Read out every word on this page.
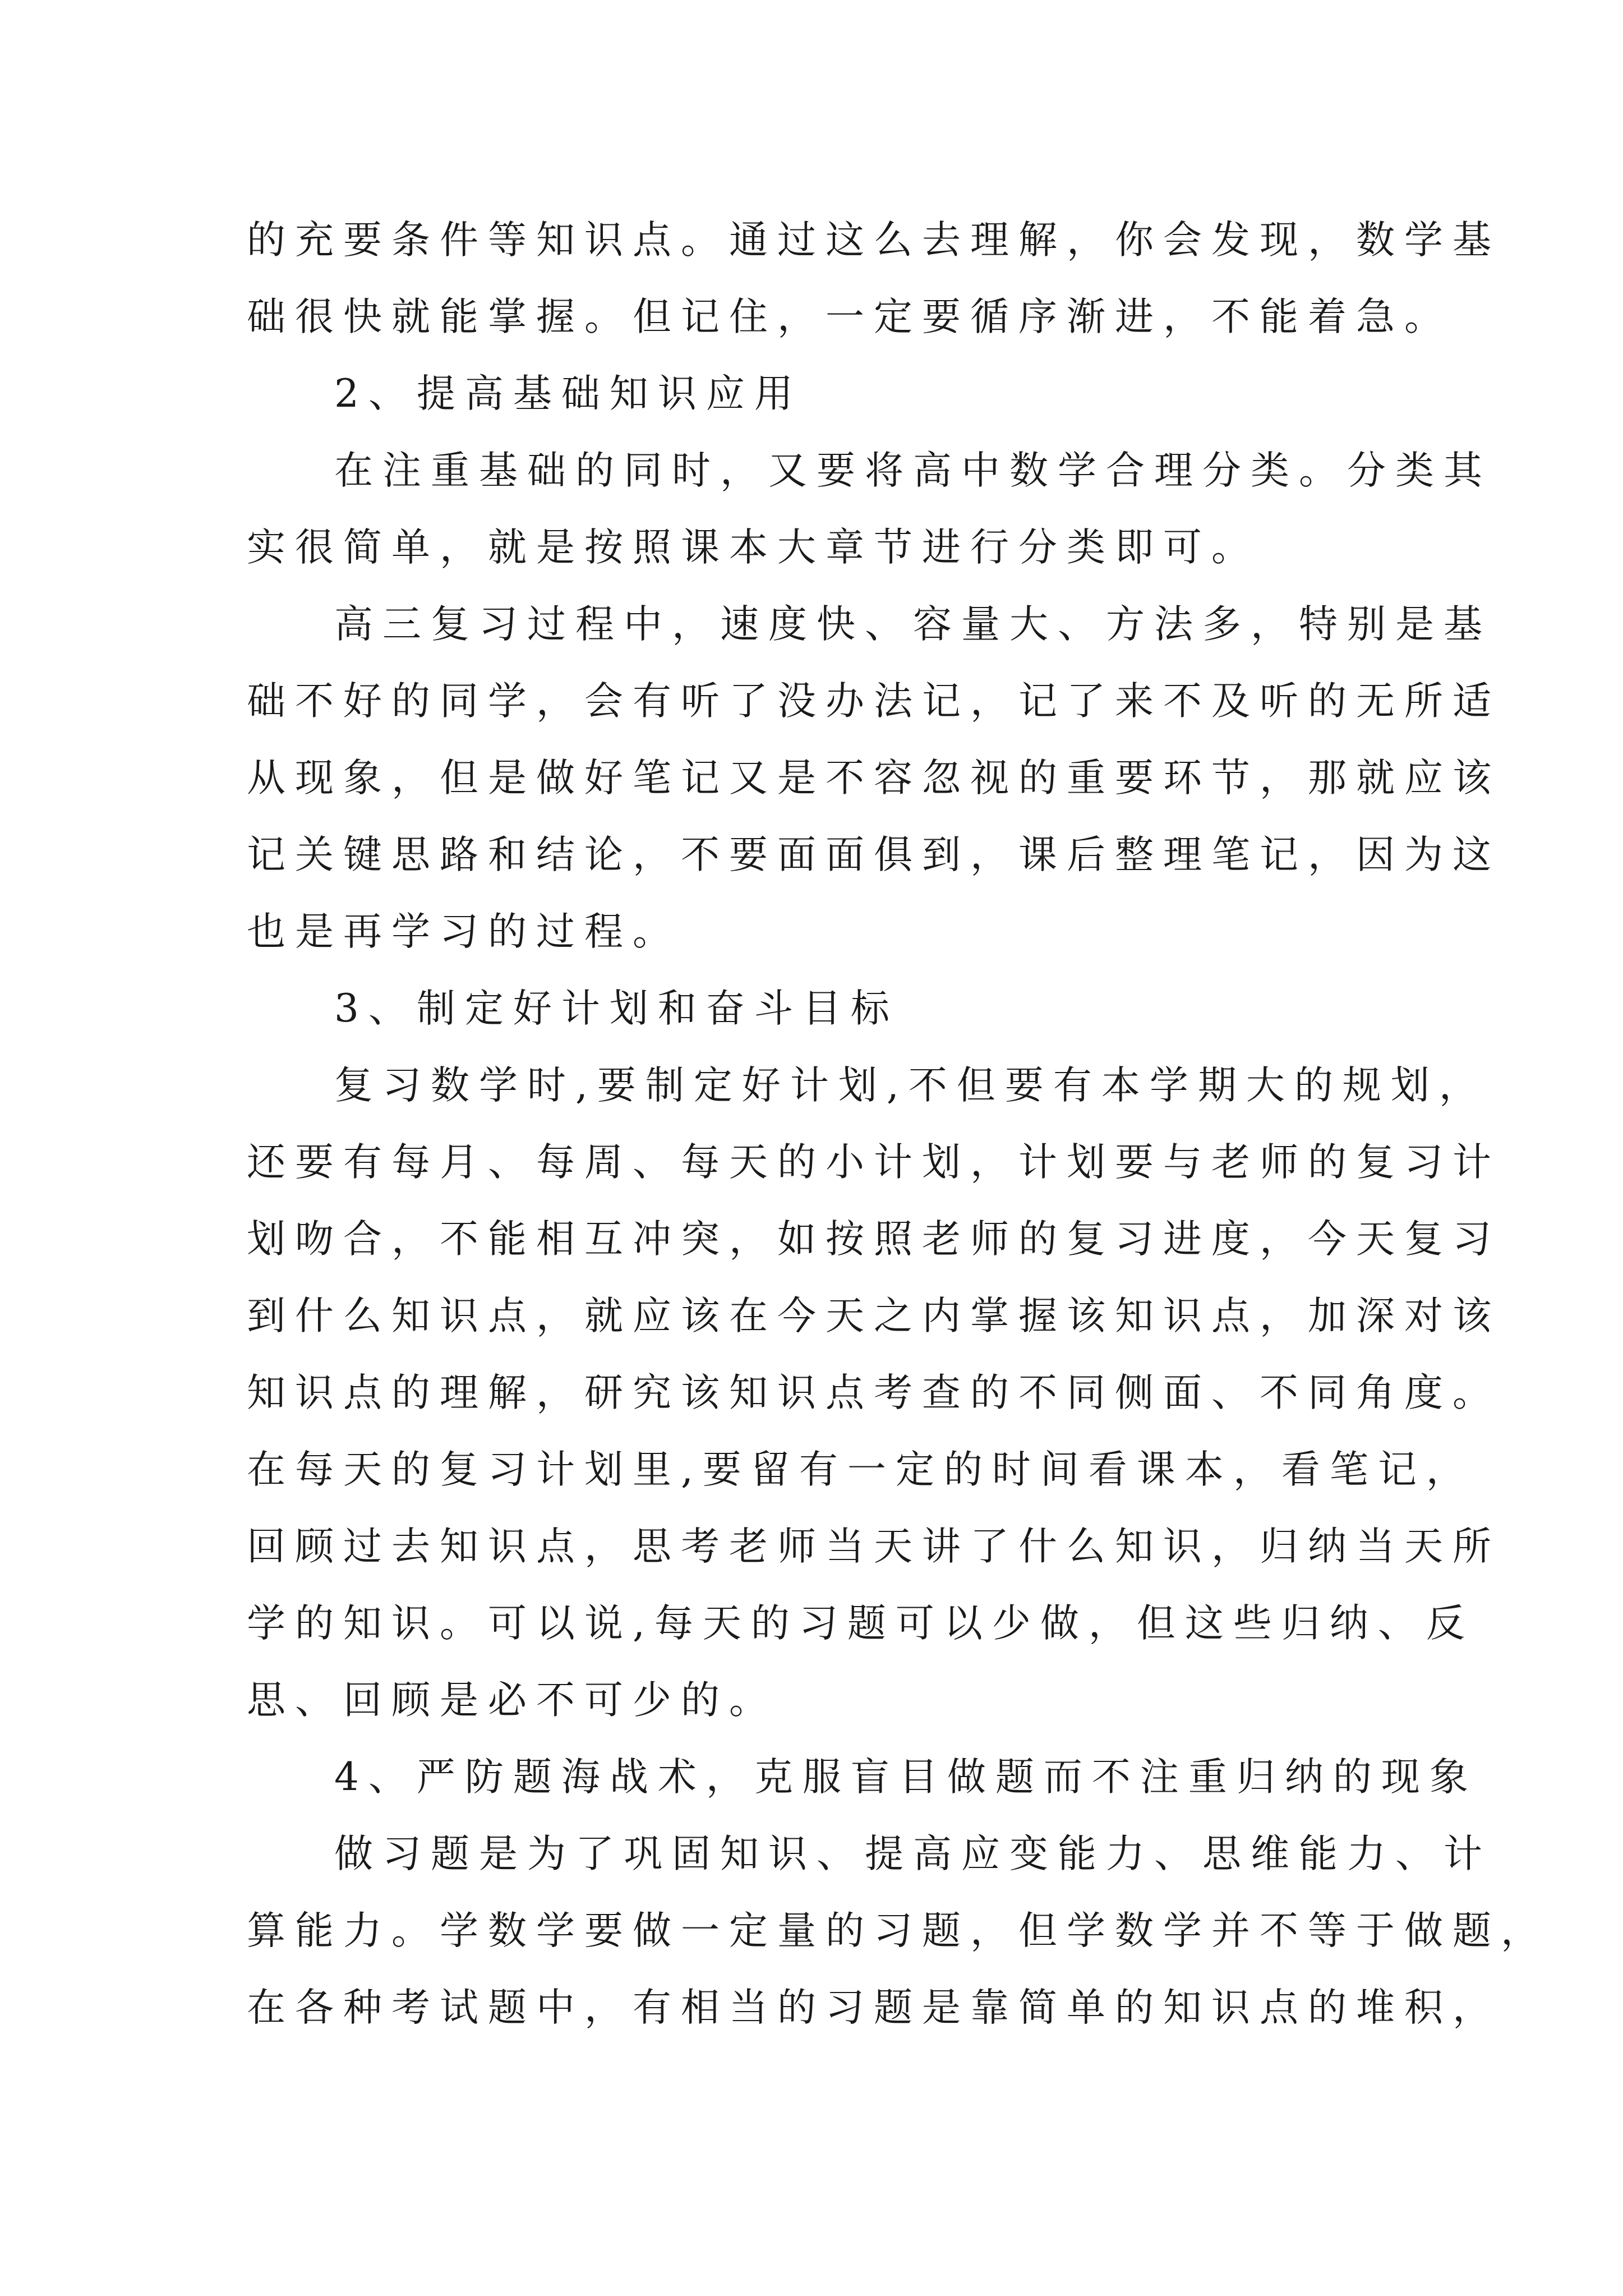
的充要条件等知识点。通过这么去理解，你会发现，数学基
础很快就能掌握。但记住，一定要循序渐进，不能着急。
2、提高基础知识应用
在注重基础的同时，又要将高中数学合理分类。分类其
实很简单，就是按照课本大章节进行分类即可。
高三复习过程中，速度快、容量大、方法多，特别是基
础不好的同学，会有听了没办法记，记了来不及听的无所适
从现象，但是做好笔记又是不容忽视的重要环节，那就应该
记关键思路和结论，不要面面俱到，课后整理笔记，因为这
也是再学习的过程。
3、制定好计划和奋斗目标
复习数学时,要制定好计划,不但要有本学期大的规划，
还要有每月、每周、每天的小计划，计划要与老师的复习计
划吻合，不能相互冲突，如按照老师的复习进度，今天复习
到什么知识点，就应该在今天之内掌握该知识点，加深对该
知识点的理解，研究该知识点考查的不同侧面、不同角度。
在每天的复习计划里,要留有一定的时间看课本，看笔记，
回顾过去知识点，思考老师当天讲了什么知识，归纳当天所
学的知识。可以说,每天的习题可以少做，但这些归纳、反
思、回顾是必不可少的。
4、严防题海战术，克服盲目做题而不注重归纳的现象
做习题是为了巩固知识、提高应变能力、思维能力、计
算能力。学数学要做一定量的习题，但学数学并不等于做题，
在各种考试题中，有相当的习题是靠简单的知识点的堆积，
